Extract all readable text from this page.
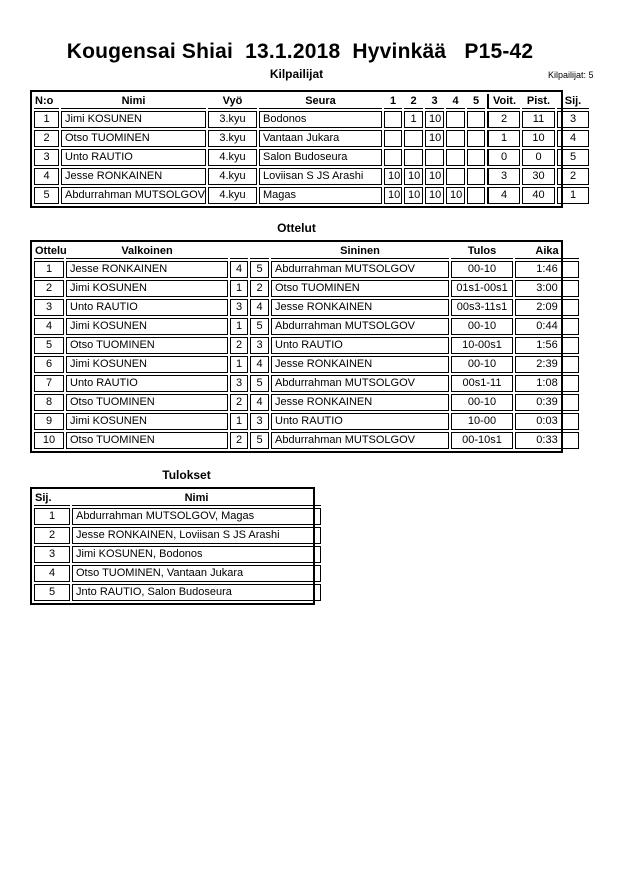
Kougensai Shiai  13.1.2018  Hyvinkää   P15-42
Kilpailijat	Kilpailijat: 5
N:o	Nimi	Vyö	Seura	1	2	3	4	5	Voit.	Pist.	Sij.
1	Jimi KOSUNEN	3.kyu	Bodonos		1	10			2	11	3
2	Otso TUOMINEN	3.kyu	Vantaan Jukara			10			1	10	4
3	Unto RAUTIO	4.kyu	Salon Budoseura						0	0	5
4	Jesse RONKAINEN	4.kyu	Loviisan S JS Arashi	10	10	10			3	30	2
5	Abdurrahman MUTSOLGOV	4.kyu	Magas	10	10	10	10		4	40	1
Ottelut
Ottelu	Valkoinen			Sininen	Tulos	Aika
1	Jesse RONKAINEN	4	5	Abdurrahman MUTSOLGOV	00-10	1:46
2	Jimi KOSUNEN	1	2	Otso TUOMINEN	01s1-00s1	3:00
3	Unto RAUTIO	3	4	Jesse RONKAINEN	00s3-11s1	2:09
4	Jimi KOSUNEN	1	5	Abdurrahman MUTSOLGOV	00-10	0:44
5	Otso TUOMINEN	2	3	Unto RAUTIO	10-00s1	1:56
6	Jimi KOSUNEN	1	4	Jesse RONKAINEN	00-10	2:39
7	Unto RAUTIO	3	5	Abdurrahman MUTSOLGOV	00s1-11	1:08
8	Otso TUOMINEN	2	4	Jesse RONKAINEN	00-10	0:39
9	Jimi KOSUNEN	1	3	Unto RAUTIO	10-00	0:03
10	Otso TUOMINEN	2	5	Abdurrahman MUTSOLGOV	00-10s1	0:33
Tulokset
Sij.	Nimi
1	Abdurrahman MUTSOLGOV, Magas
2	Jesse RONKAINEN, Loviisan S JS Arashi
3	Jimi KOSUNEN, Bodonos
4	Otso TUOMINEN, Vantaan Jukara
5	Jnto RAUTIO, Salon Budoseura
